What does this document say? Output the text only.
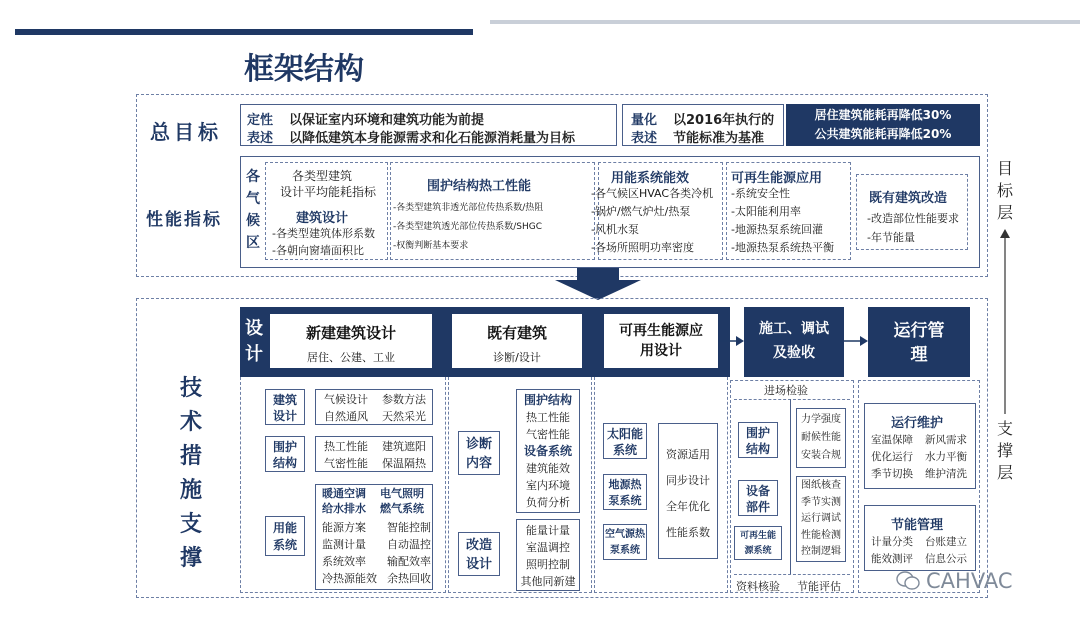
框架结构
总目标 定性
表述
以保证室内环境和建筑功能为前提
以降低建筑本身能源需求和化石能源消耗量为目标
量化
表述
以2016年执行的
节能标准为基准
居住建筑能耗再降低30%
公共建筑能耗再降低20%
性能指标
各气候区
各类型建筑
设计平均能耗指标
建筑设计
-各类型建筑体形系数
-各朝向窗墙面积比
围护结构热工性能
-各类型建筑非透光部位传热系数/热阻
-各类型建筑透光部位传热系数/SHGC
-权衡判断基本要求
用能系统能效
-各气候区HVAC各类冷机
-锅炉/燃气炉灶/热泵
-风机水泵
-各场所照明功率密度
可再生能源应用
-系统安全性
-太阳能利用率
-地源热泵系统回灌
-地源热泵系统热平衡
既有建筑改造
-改造部位性能要求
-年节能量
目标层
支撑层
技术措施支撑
设计
新建建筑设计
居住、公建、工业
既有建筑
诊断/设计
可再生能源应用设计
施工、调试及验收
运行管理
建筑设计
气候设计 参数方法
自然通风 天然采光
围护结构
热工性能 建筑遮阳
气密性能 保温隔热
用能系统
暖通空调 电气照明
给水排水 燃气系统
能源方案	智能控制
监测计量	自动温控
系统效率	输配效率
冷热源能效 余热回收
诊断内容
围护结构
热工性能
气密性能
设备系统
建筑能效
室内环境
负荷分析
改造设计
能量计量
室温调控
照明控制
其他同新建
太阳能系统
地源热泵系统
空气源热泵系统
资源适用
同步设计
全年优化
性能系数
进场检验
围护结构
力学强度
耐候性能
安装合规
设备部件
可再生能源系统
图纸核查
季节实测
运行调试
性能检测
控制逻辑
资料核验 节能评估
运行维护
室温保障 新风需求
优化运行 水力平衡
季节切换 维护清洗
节能管理
计量分类 台账建立
能效测评 信息公示
CAHVAC
